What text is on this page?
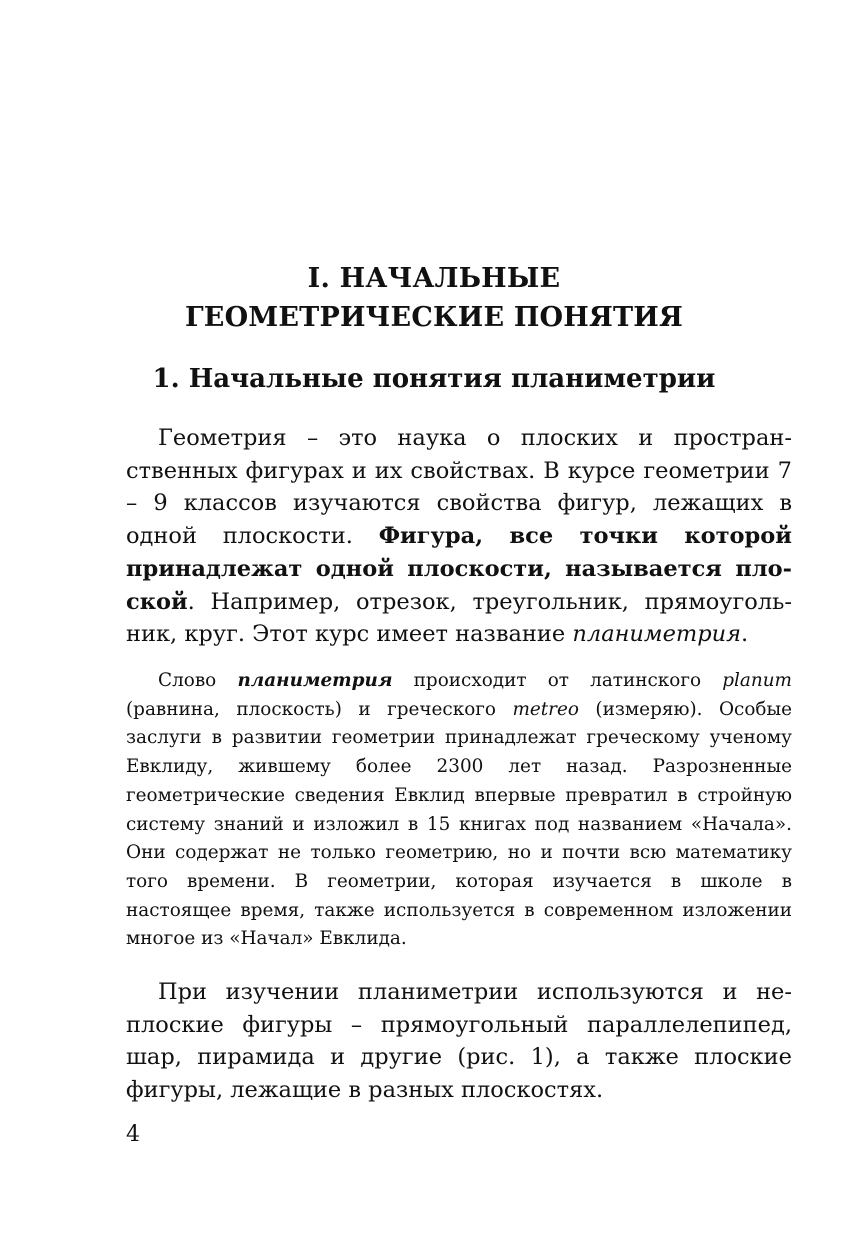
I. НАЧАЛЬНЫЕ
ГЕОМЕТРИЧЕСКИЕ ПОНЯТИЯ
1. Начальные понятия планиметрии

Геометрия – это наука о плоских и пространственных фигурах и их свойствах. В курсе геометрии 7 – 9 классов изучаются свойства фигур, лежащих в одной плоскости. Фигура, все точки которой принадлежат одной плоскости, называется плоской. Например, отрезок, треугольник, прямоугольник, круг. Этот курс имеет название планиметрия.

Слово планиметрия происходит от латинского planum (равнина, плоскость) и греческого metreo (измеряю). Особые заслуги в развитии геометрии принадлежат греческому ученому Евклиду, жившему более 2300 лет назад. Разрозненные геометрические сведения Евклид впервые превратил в стройную систему знаний и изложил в 15 книгах под названием «Начала». Они содержат не только геометрию, но и почти всю математику того времени. В геометрии, которая изучается в школе в настоящее время, также используется в современном изложении многое из «Начал» Евклида.

При изучении планиметрии используются и неплоские фигуры – прямоугольный параллелепипед, шар, пирамида и другие (рис. 1), а также плоские фигуры, лежащие в разных плоскостях.

4
